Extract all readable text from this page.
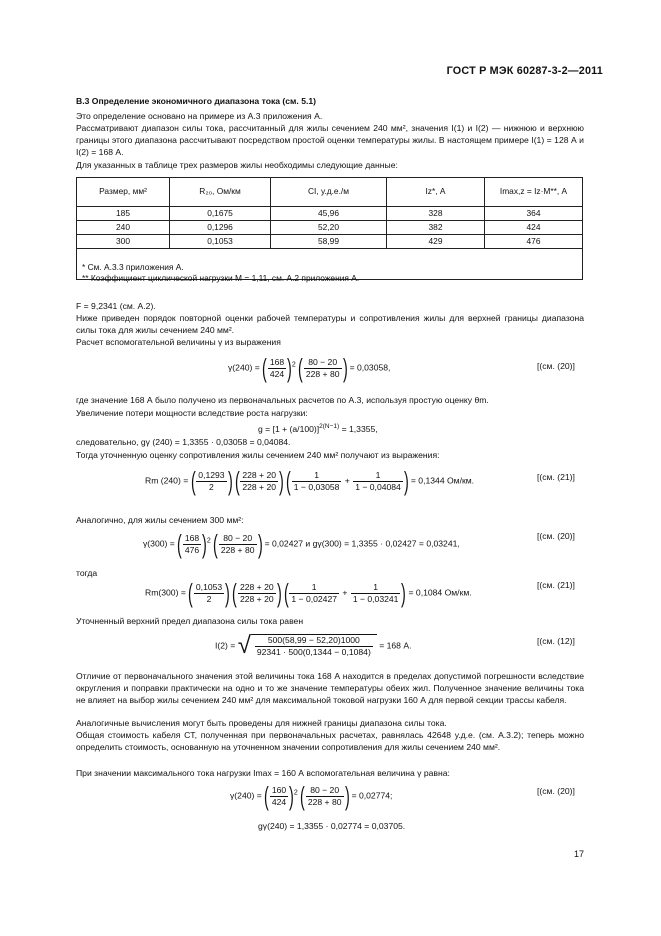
ГОСТ Р МЭК 60287-3-2—2011
B.3 Определение экономичного диапазона тока (см. 5.1)
Это определение основано на примере из А.3 приложения А.
Рассматривают диапазон силы тока, рассчитанный для жилы сечением 240 мм², значения I(1) и I(2) — нижнюю и верхнюю границы этого диапазона рассчитывают посредством простой оценки температуры жилы. В настоящем примере I(1) = 128 А и I(2) = 168 А.
Для указанных в таблице трех размеров жилы необходимы следующие данные:
Размер, мм²	R₂₀, Ом/км	CI, у.д.е./м	Iz*, А	Imax,z = Iz·M**, А
185	0,1675	45,96	328	364
240	0,1296	52,20	382	424
300	0,1053	58,99	429	476

* См. А.3.3 приложения А.
** Коэффициент циклической нагрузки M = 1,11, см. А.2 приложения А.
F = 9,2341 (см. А.2).
Ниже приведен порядок повторной оценки рабочей температуры и сопротивления жилы для верхней границы диапазона силы тока для жилы сечением 240 мм².
Расчет вспомогательной величины γ из выражения
γ(240) = ( $\frac{168}{424} )^2$ ( $\frac{80 - 20}{228 + 80}$ ) = 0,03058,	[(см. (20)]
где значение 168 А было получено из первоначальных расчетов по А.3, используя простую оценку θm.
Увеличение потери мощности вследствие роста нагрузки:
$g = [1 + (a/100)]^{2(N-1)} = 1,3355$,
следовательно, gγ (240) = 1,3355 · 0,03058 = 0,04084.
Тогда уточненную оценку сопротивления жилы сечением 240 мм² получают из выражения:
Rm (240) = ( $\frac{0,1293}{2}$ ) ( $\frac{228 + 20}{228 + 20}$ ) ( $\frac{1}{1 - 0,03058} + \frac{1}{1 - 0,04084}$ ) = 0,1344 Ом/км.	[(см. (21)]
Аналогично, для жилы сечением 300 мм²:
γ(300) = ( $\frac{168}{476} )^2$ ( $\frac{80 - 20}{228 + 80}$ ) = 0,02427 и gγ(300) = 1,3355 · 0,02427 = 0,03241,
[(см. (20)]
тогда
Rm(300) = ( $\frac{0,1053}{2}$ ) ( $\frac{228 + 20}{228 + 20}$ ) ( $\frac{1}{1 - 0,02427} + \frac{1}{1 - 0,03241}$ ) = 0,1084 Ом/км.
[(см. (21)]
Уточненный верхний предел диапазона силы тока равен
I(2) = √ $\frac{500(58,99 - 52,20)1000}{92341 \cdot 500(0,1344 - 0,1084)} = 168$ А.	[(см. (12)]
Отличие от первоначального значения этой величины тока 168 А находится в пределах допустимой погрешности вследствие округления и поправки практически на одно и то же значение температуры обеих жил. Полученное значение величины тока не влияет на выбор жилы сечением 240 мм² для максимальной токовой нагрузки 160 А для первой секции трассы кабеля.
Аналогичные вычисления могут быть проведены для нижней границы диапазона силы тока.
Общая стоимость кабеля CT, полученная при первоначальных расчетах, равнялась 42648 у.д.е. (см. А.3.2); теперь можно определить стоимость, основанную на уточненном значении сопротивления для жилы сечением 240 мм².
При значении максимального тока нагрузки Imax = 160 А вспомогательная величина γ равна:
γ(240) = ( $\frac{160}{424} )^2$ ( $\frac{80 - 20}{228 + 80}$ ) = 0,02774;	[(см. (20)]
gγ(240) = 1,3355 · 0,02774 = 0,03705.
17
